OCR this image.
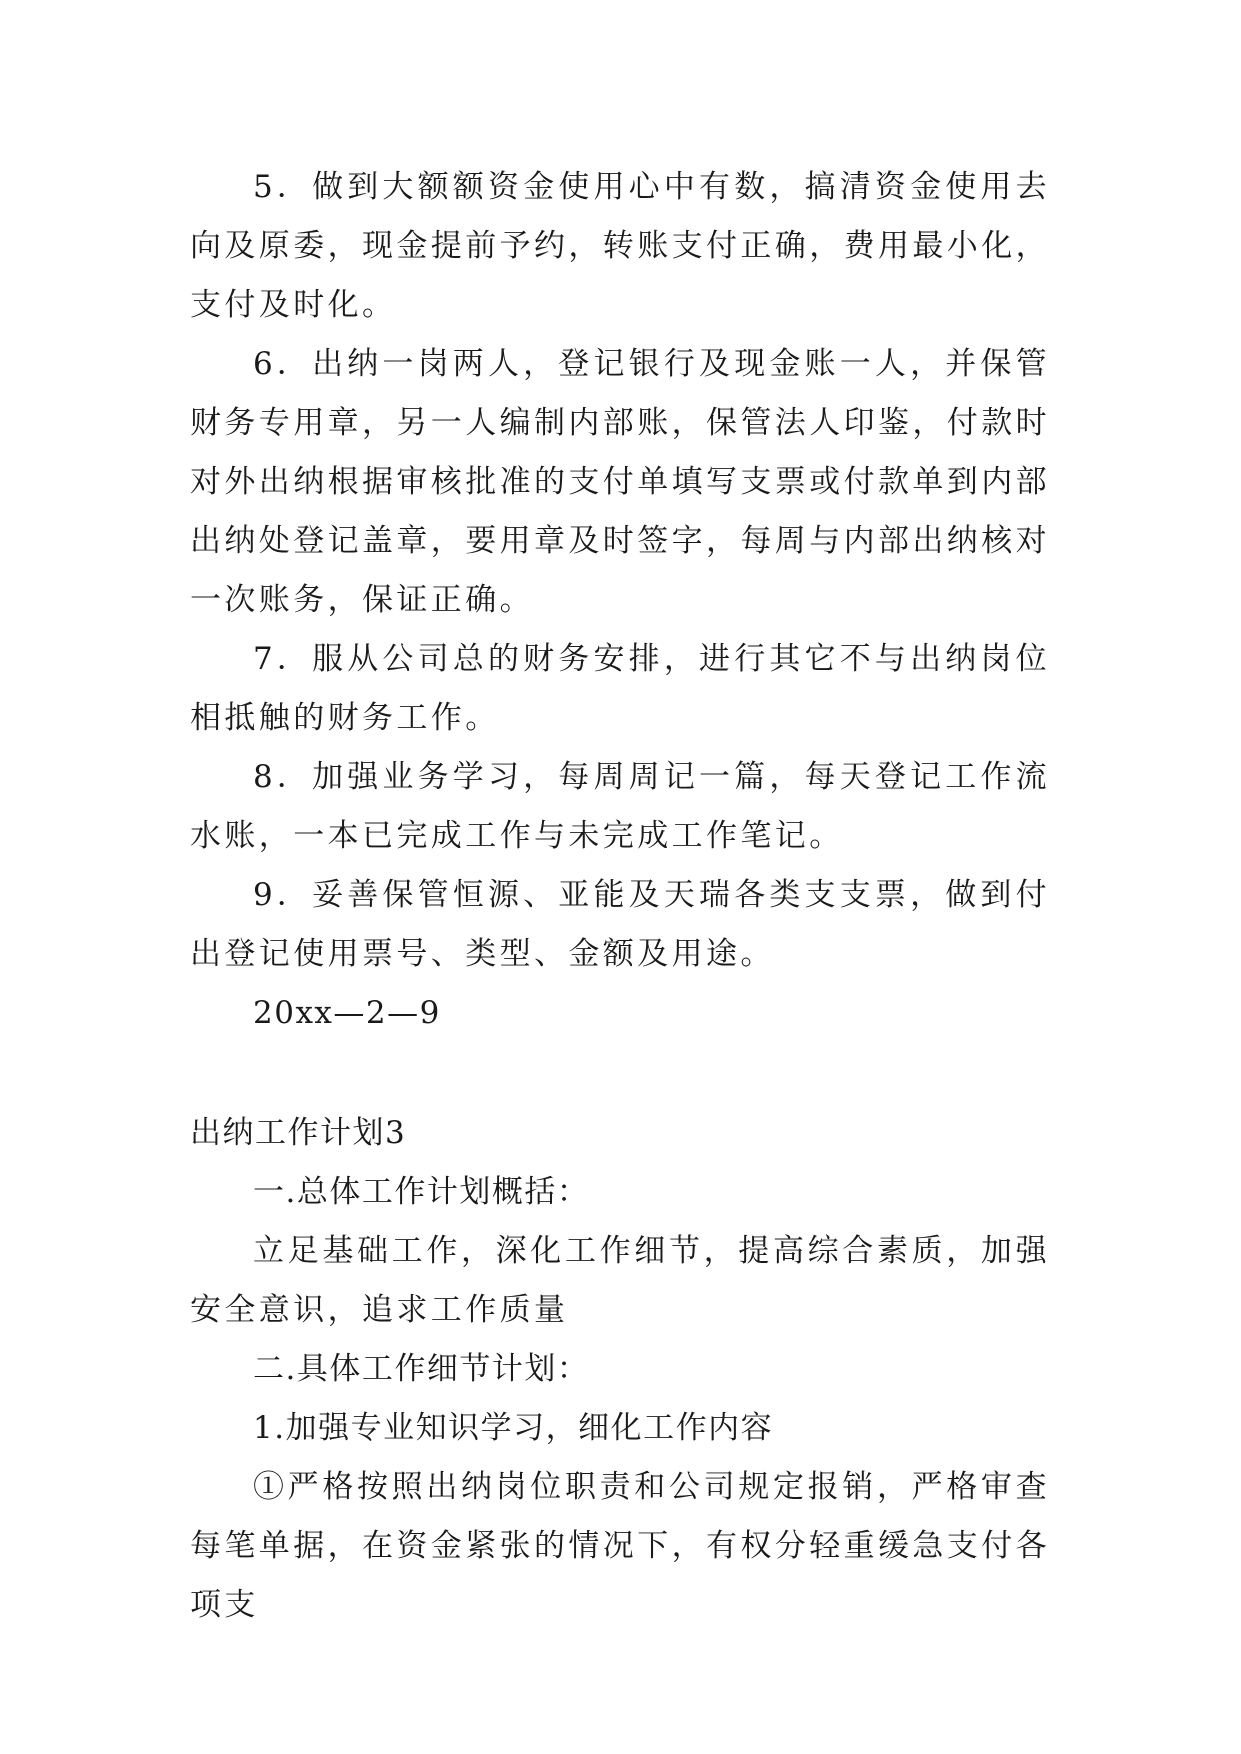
5．做到大额额资金使用心中有数，搞清资金使用去向及原委，现金提前予约，转账支付正确，费用最小化，支付及时化。

6．出纳一岗两人，登记银行及现金账一人，并保管财务专用章，另一人编制内部账，保管法人印鉴，付款时对外出纳根据审核批准的支付单填写支票或付款单到内部出纳处登记盖章，要用章及时签字，每周与内部出纳核对一次账务，保证正确。

7．服从公司总的财务安排，进行其它不与出纳岗位相抵触的财务工作。

8．加强业务学习，每周周记一篇，每天登记工作流水账，一本已完成工作与未完成工作笔记。

9．妥善保管恒源、亚能及天瑞各类支支票，做到付出登记使用票号、类型、金额及用途。

20xx—2—9

出纳工作计划3

一.总体工作计划概括：

立足基础工作，深化工作细节，提高综合素质，加强安全意识，追求工作质量

二.具体工作细节计划：

1.加强专业知识学习，细化工作内容

①严格按照出纳岗位职责和公司规定报销，严格审查每笔单据，在资金紧张的情况下，有权分轻重缓急支付各项支
